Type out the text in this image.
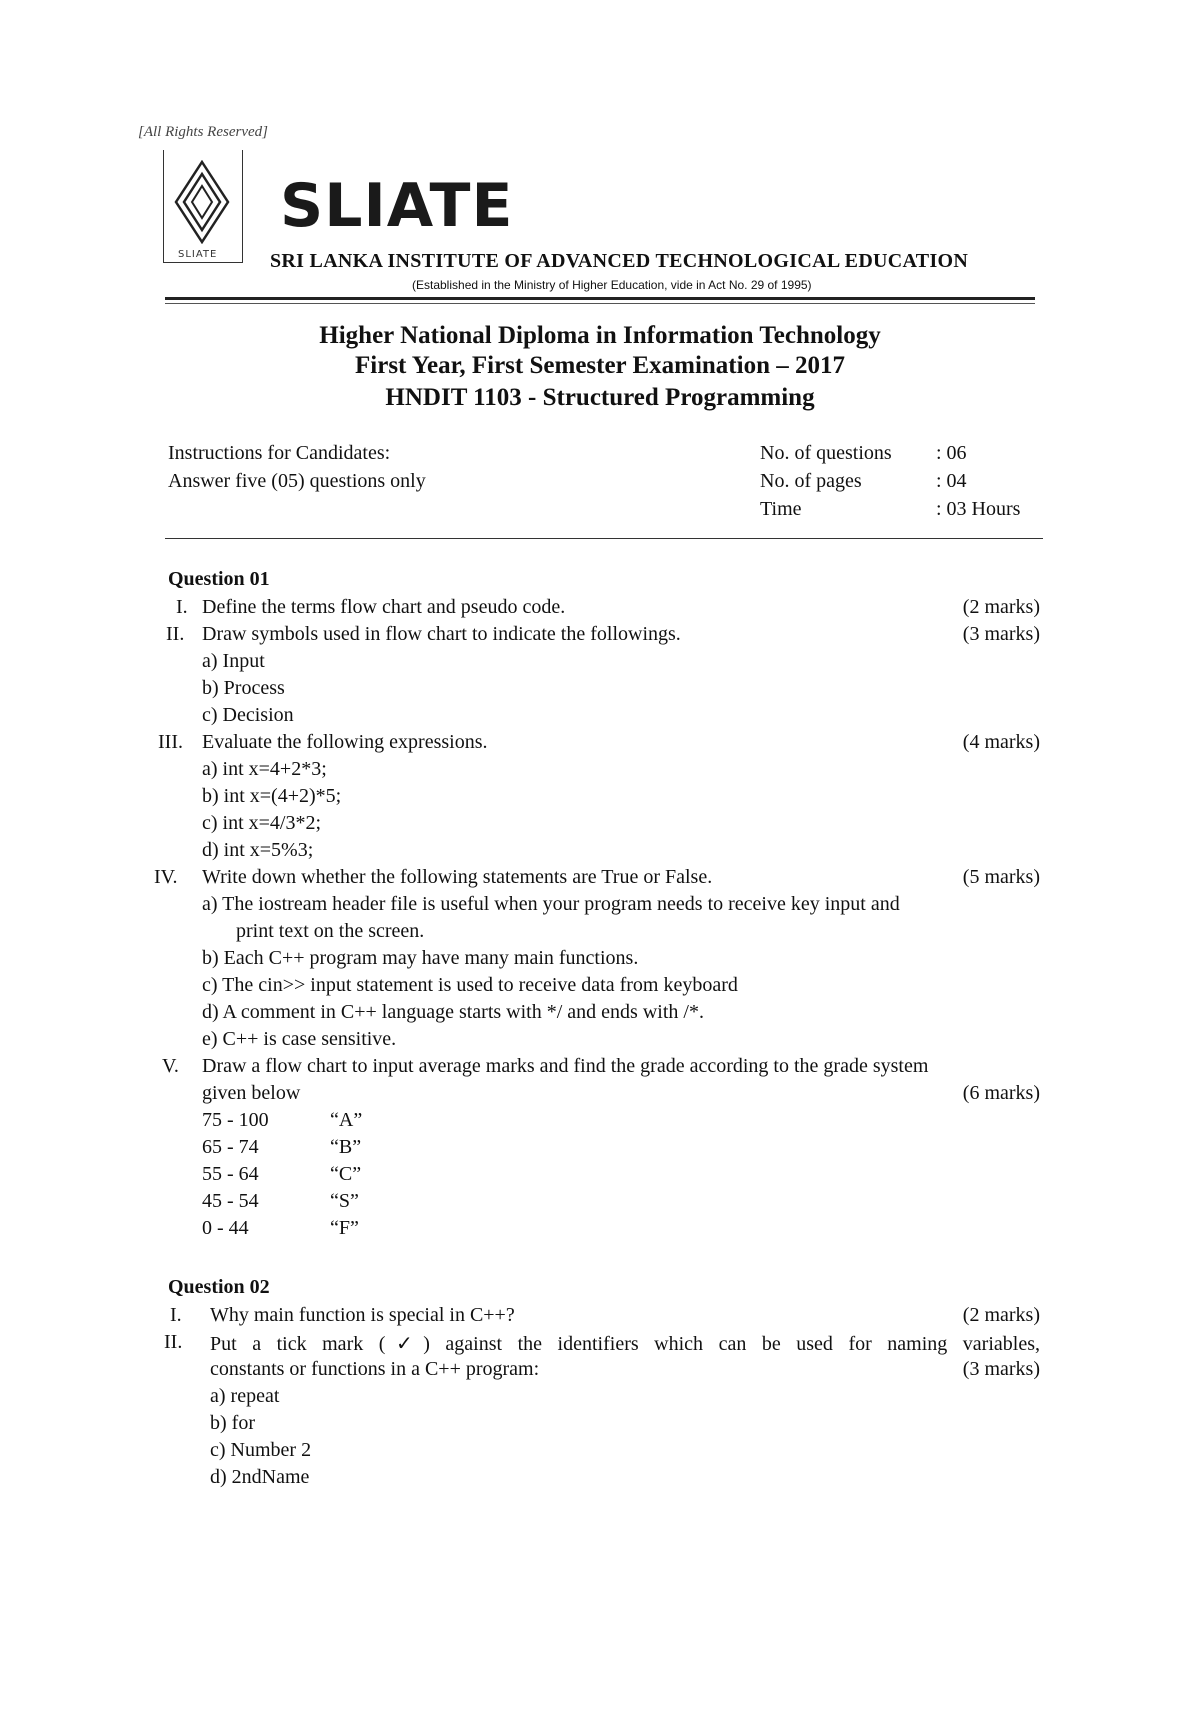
[All Rights Reserved]
SLIATE
SLIATE
SRI LANKA INSTITUTE OF ADVANCED TECHNOLOGICAL EDUCATION
(Established in the Ministry of Higher Education, vide in Act No. 29 of 1995)
Higher National Diploma in Information Technology
First Year, First Semester Examination – 2017
HNDIT 1103 - Structured Programming
Instructions for Candidates:
Answer five (05) questions only
No. of questions : 06
No. of pages	: 04
Time	: 03 Hours
Question 01
I. Define the terms flow chart and pseudo code.	(2 marks)
II. Draw symbols used in flow chart to indicate the followings.	(3 marks)
a) Input
b) Process
c) Decision
III. Evaluate the following expressions.	(4 marks)
a) int x=4+2*3;
b) int x=(4+2)*5;
c) int x=4/3*2;
d) int x=5%3;
IV. Write down whether the following statements are True or False.	(5 marks)
a) The iostream header file is useful when your program needs to receive key input and
print text on the screen.
b) Each C++ program may have many main functions.
c) The cin>> input statement is used to receive data from keyboard
d) A comment in C++ language starts with */ and ends with /*.
e) C++ is case sensitive.
V. Draw a flow chart to input average marks and find the grade according to the grade system
given below	(6 marks)
75 - 100	“A”
65 - 74	“B”
55 - 64	“C”
45 - 54	“S”
0 - 44	“F”
Question 02
I. Why main function is special in C++?	(2 marks)
II. Put a tick mark (✓) against the identifiers which can be used for naming variables,
constants or functions in a C++ program:	(3 marks)
a) repeat
b) for
c) Number 2
d) 2ndName
